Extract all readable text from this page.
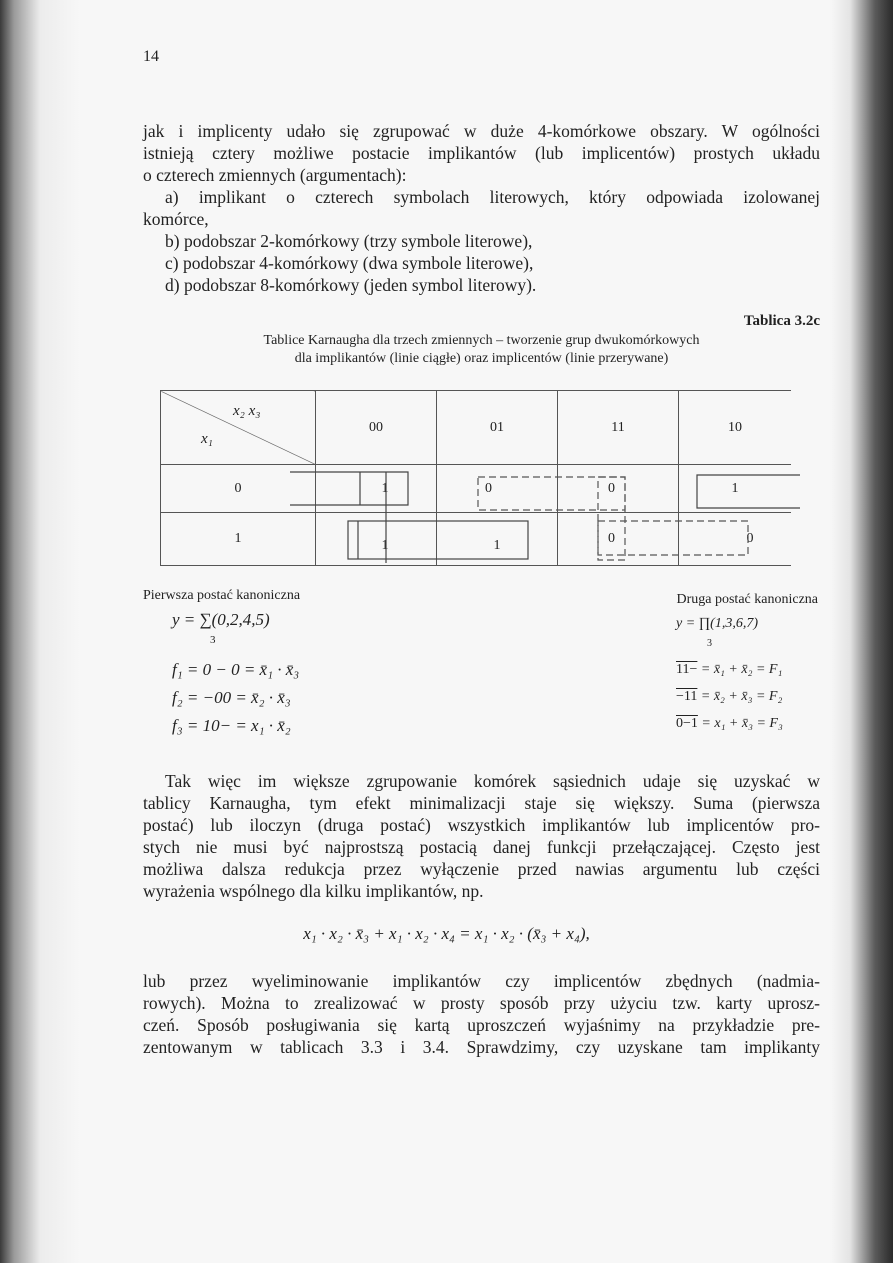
14
jak i implicenty udało się zgrupować w duże 4-komórkowe obszary. W ogólności
istnieją cztery możliwe postacie implikantów (lub implicentów) prostych układu
o czterech zmiennych (argumentach):
a) implikant o czterech symbolach literowych, który odpowiada izolowanej
komórce,
b) podobszar 2-komórkowy (trzy symbole literowe),
c) podobszar 4-komórkowy (dwa symbole literowe),
d) podobszar 8-komórkowy (jeden symbol literowy).
Tablica 3.2c
Tablice Karnaugha dla trzech zmiennych – tworzenie grup dwukomórkowych
dla implikantów (linie ciągłe) oraz implicentów (linie przerywane)
x₂ x₃
x₁	00	01	11	10
0	1	0	0	1
1	1	1	0	0
Pierwsza postać kanoniczna
y = ∑(0,2,4,5)
3
f₁ = 0 − 0 = x̄₁ · x̄₃
f₂ = −00 = x̄₂ · x̄₃
f₃ = 10− = x₁ · x̄₂
Druga postać kanoniczna
y = ∏(1,3,6,7)
3
11− = x̄₁ + x̄₂ = F₁
−11 = x̄₂ + x̄₃ = F₂
0−1 = x₁ + x̄₃ = F₃
Tak więc im większe zgrupowanie komórek sąsiednich udaje się uzyskać w
tablicy Karnaugha, tym efekt minimalizacji staje się większy. Suma (pierwsza
postać) lub iloczyn (druga postać) wszystkich implikantów lub implicentów pro-
stych nie musi być najprostszą postacią danej funkcji przełączającej. Często jest
możliwa dalsza redukcja przez wyłączenie przed nawias argumentu lub części
wyrażenia wspólnego dla kilku implikantów, np.
x₁ · x₂ · x̄₃ + x₁ · x₂ · x₄ = x₁ · x₂ · (x̄₃ + x₄),
lub przez wyeliminowanie implikantów czy implicentów zbędnych (nadmia-
rowych). Można to zrealizować w prosty sposób przy użyciu tzw. karty uprosz-
czeń. Sposób posługiwania się kartą uproszczeń wyjaśnimy na przykładzie pre-
zentowanym w tablicach 3.3 i 3.4. Sprawdzimy, czy uzyskane tam implikanty
